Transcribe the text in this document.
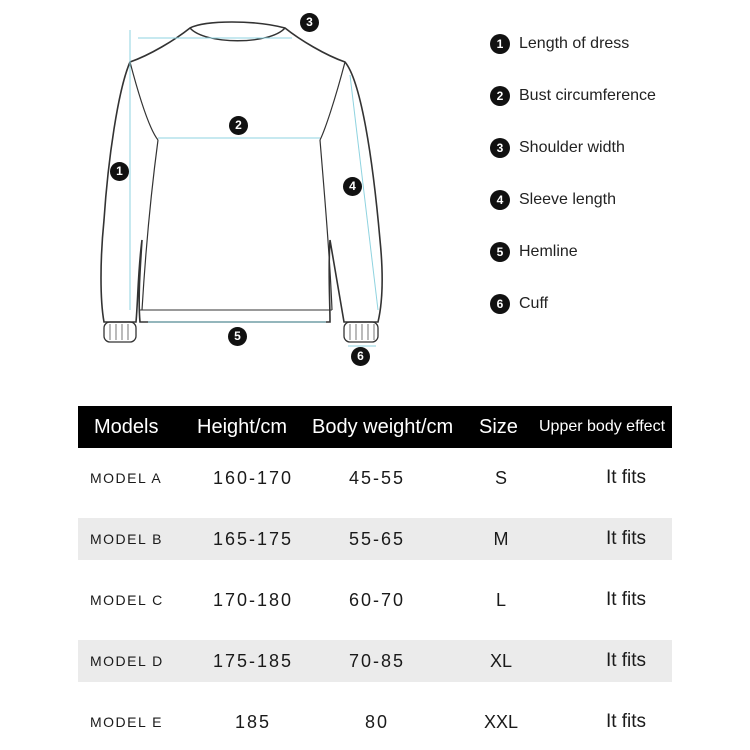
1
2
3
4
5
6
1 Length of dress
2 Bust circumference
3 Shoulder width
4 Sleeve length
5 Hemline
6 Cuff
Models Height/cm Body weight/cm Size Upper body effect
MODEL A	160-170	45-55	S	It fits
MODEL B	165-175	55-65	M	It fits
MODEL C	170-180	60-70	L	It fits
MODEL D	175-185	70-85	XL	It fits
MODEL E	185	80	XXL	It fits
